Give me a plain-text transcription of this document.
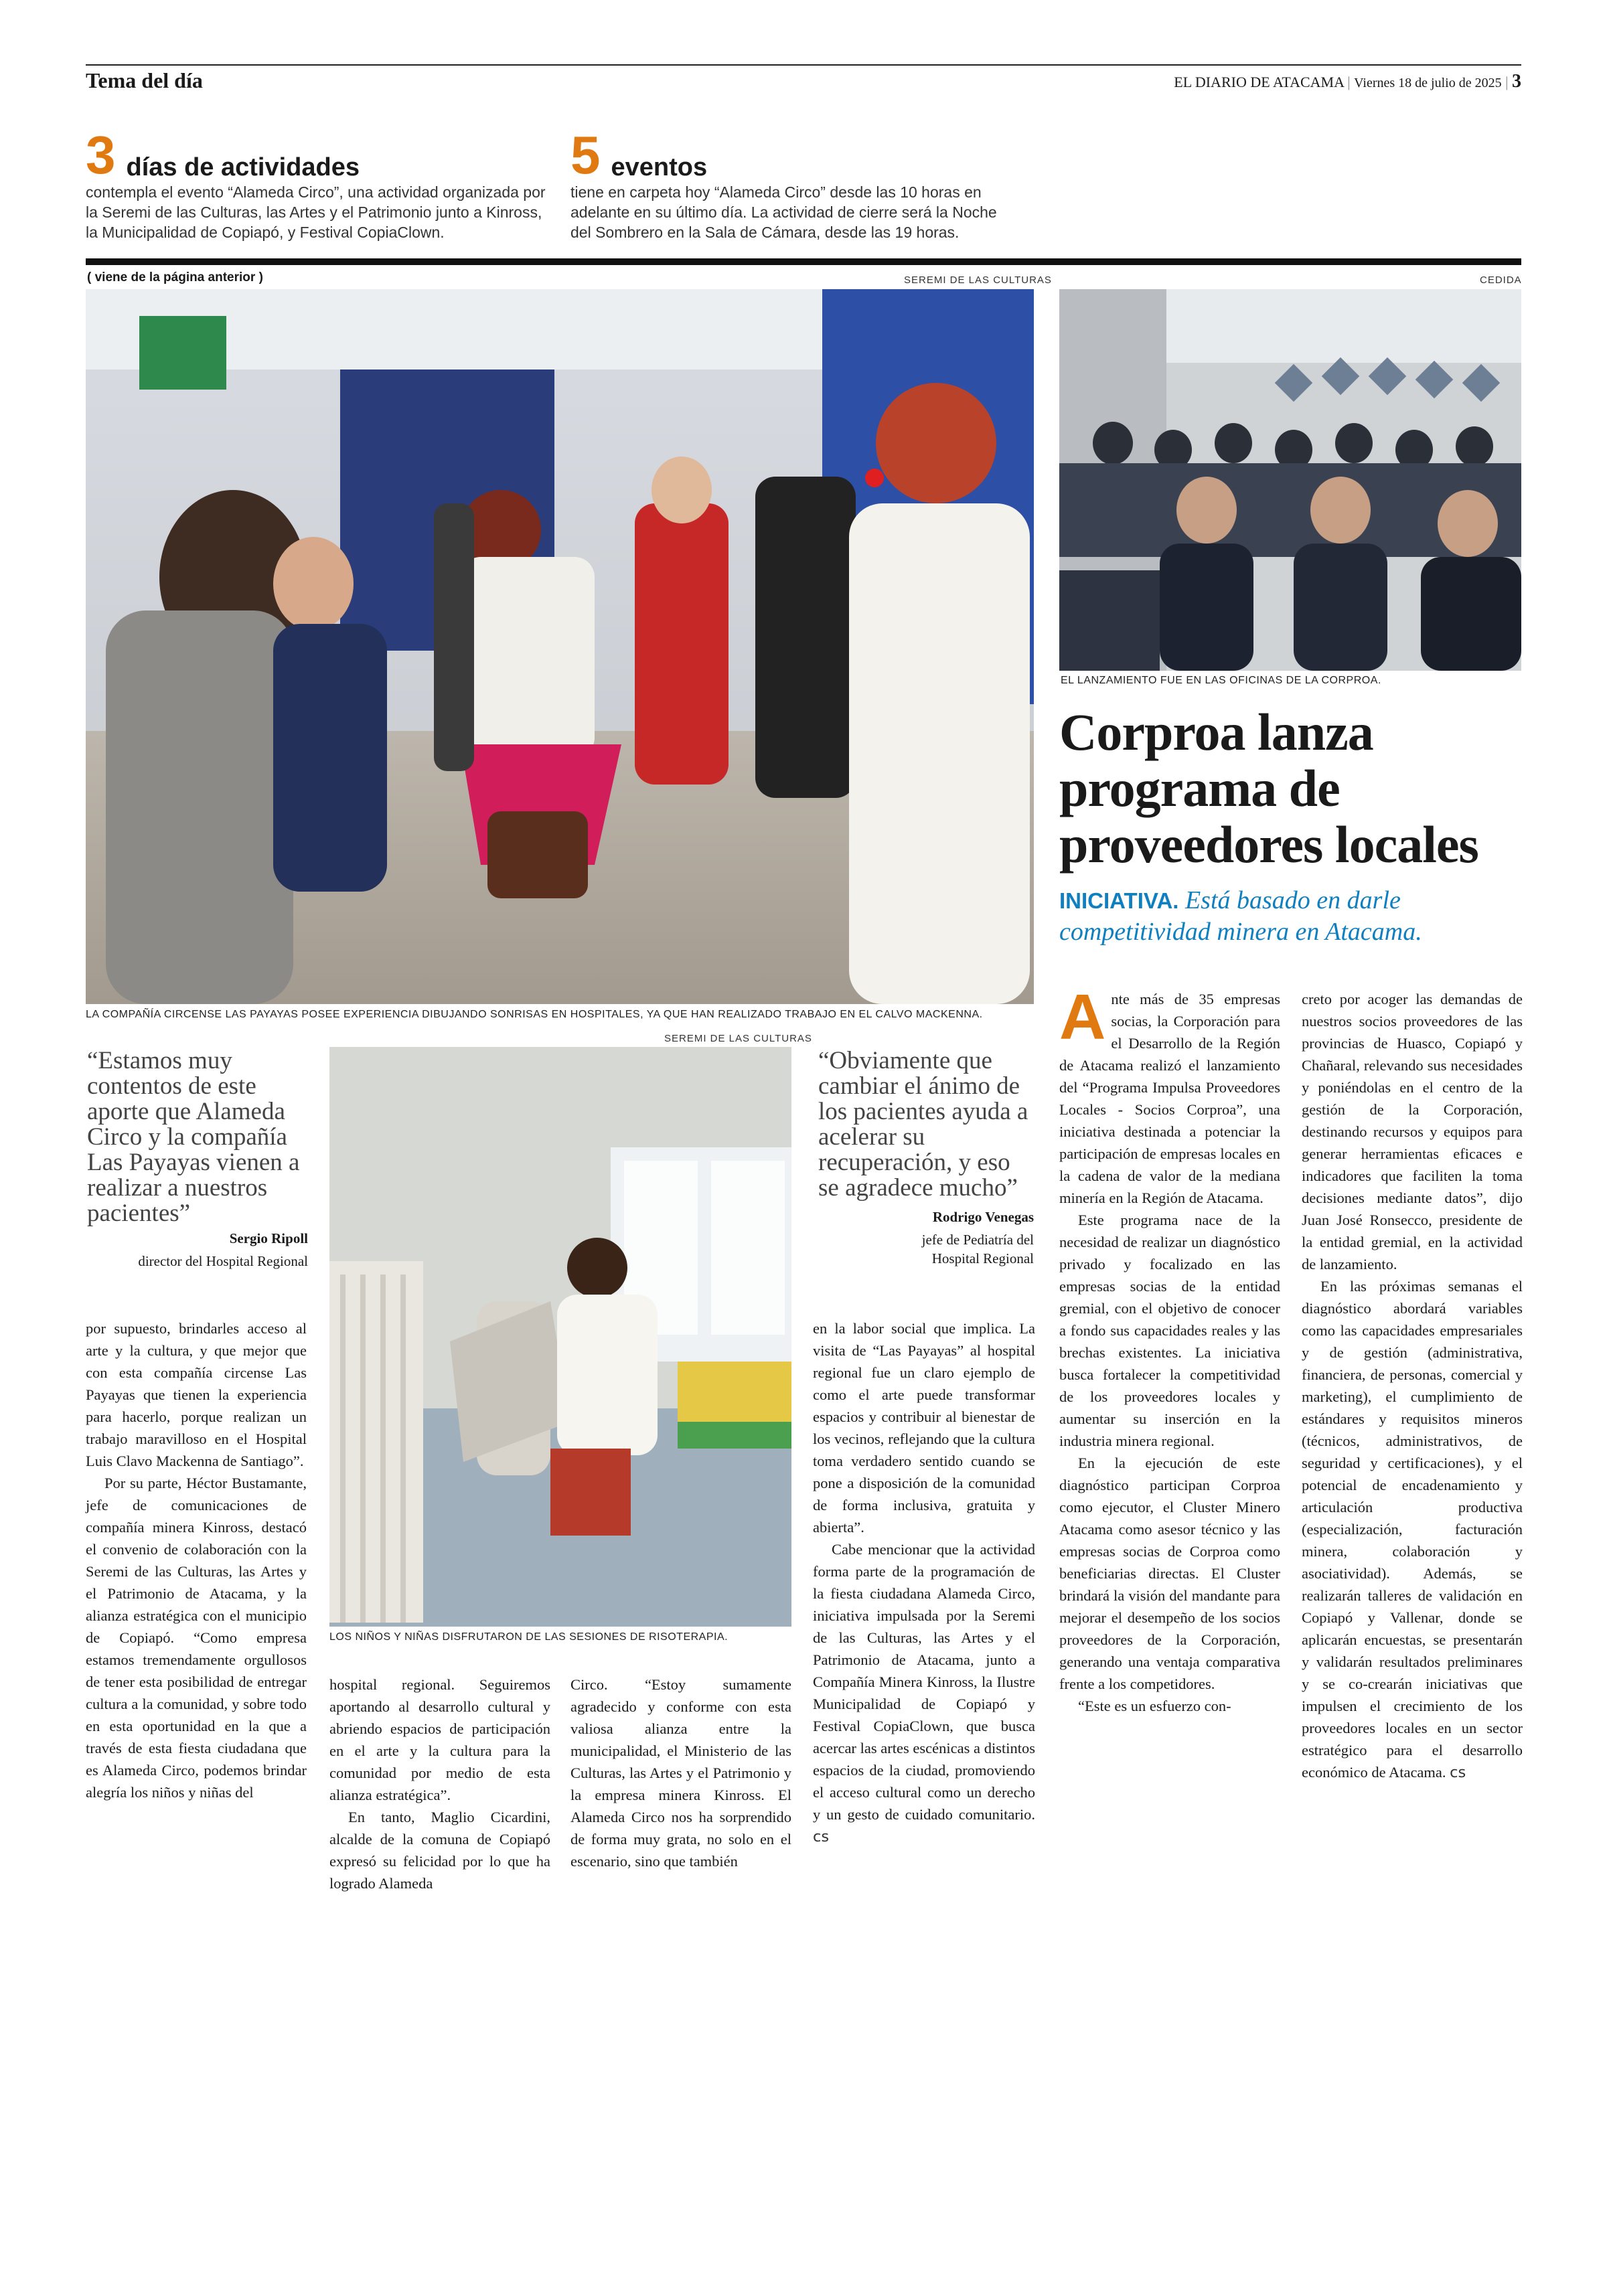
Tema del día	EL DIARIO DE ATACAMA | Viernes 18 de julio de 2025 | 3
3 días de actividades
contempla el evento “Alameda Circo”, una actividad organizada por la Seremi de las Culturas, las Artes y el Patrimonio junto a Kinross, la Municipalidad de Copiapó, y Festival CopiaClown.
5 eventos
tiene en carpeta hoy “Alameda Circo” desde las 10 horas en adelante en su último día. La actividad de cierre será la Noche del Sombrero en la Sala de Cámara, desde las 19 horas.
( viene de la página anterior )	SEREMI DE LAS CULTURAS
LA COMPAÑÍA CIRCENSE LAS PAYAYAS POSEE EXPERIENCIA DIBUJANDO SONRISAS EN HOSPITALES, YA QUE HAN REALIZADO TRABAJO EN EL CALVO MACKENNA.
“Estamos muy contentos de este aporte que Alameda Circo y la compañía Las Payayas vienen a realizar a nuestros pacientes”
Sergio Ripoll
director del Hospital Regional
SEREMI DE LAS CULTURAS
LOS NIÑOS Y NIÑAS DISFRUTARON DE LAS SESIONES DE RISOTERAPIA.
“Obviamente que cambiar el ánimo de los pacientes ayuda a acelerar su recuperación, y eso se agradece mucho”
Rodrigo Venegas
jefe de Pediatría del
Hospital Regional

por supuesto, brindarles acceso al arte y la cultura, y que mejor que con esta compañía circense Las Payayas que tienen la experiencia para hacerlo, porque realizan un trabajo maravilloso en el Hospital Luis Clavo Mackenna de Santiago”.

Por su parte, Héctor Bustamante, jefe de comunicaciones de compañía minera Kinross, destacó el convenio de colaboración con la Seremi de las Culturas, las Artes y el Patrimonio de Atacama, y la alianza estratégica con el municipio de Copiapó. “Como empresa estamos tremendamente orgullosos de tener esta posibilidad de entregar cultura a la comunidad, y sobre todo en esta oportunidad en la que a través de esta fiesta ciudadana que es Alameda Circo, podemos brindar alegría los niños y niñas del

hospital regional. Seguiremos aportando al desarrollo cultural y abriendo espacios de participación en el arte y la cultura para la comunidad por medio de esta alianza estratégica”.

En tanto, Maglio Cicardini, alcalde de la comuna de Copiapó expresó su felicidad por lo que ha logrado Alameda

Circo. “Estoy sumamente agradecido y conforme con esta valiosa alianza entre la municipalidad, el Ministerio de las Culturas, las Artes y el Patrimonio y la empresa minera Kinross. El Alameda Circo nos ha sorprendido de forma muy grata, no solo en el escenario, sino que también

en la labor social que implica. La visita de “Las Payayas” al hospital regional fue un claro ejemplo de como el arte puede transformar espacios y contribuir al bienestar de los vecinos, reflejando que la cultura toma verdadero sentido cuando se pone a disposición de la comunidad de forma inclusiva, gratuita y abierta”.

Cabe mencionar que la actividad forma parte de la programación de la fiesta ciudadana Alameda Circo, iniciativa impulsada por la Seremi de las Culturas, las Artes y el Patrimonio de Atacama, junto a Compañía Minera Kinross, la Ilustre Municipalidad de Copiapó y Festival CopiaClown, que busca acercar las artes escénicas a distintos espacios de la ciudad, promoviendo el acceso cultural como un derecho y un gesto de cuidado comunitario. cs

CEDIDA
EL LANZAMIENTO FUE EN LAS OFICINAS DE LA CORPROA.
Corproa lanza programa de proveedores locales
INICIATIVA. Está basado en darle competitividad minera en Atacama.

Ante más de 35 empresas socias, la Corporación para el Desarrollo de la Región de Atacama realizó el lanzamiento del “Programa Impulsa Proveedores Locales - Socios Corproa”, una iniciativa destinada a potenciar la participación de empresas locales en la cadena de valor de la mediana minería en la Región de Atacama.

Este programa nace de la necesidad de realizar un diagnóstico privado y focalizado en las empresas socias de la entidad gremial, con el objetivo de conocer a fondo sus capacidades reales y las brechas existentes. La iniciativa busca fortalecer la competitividad de los proveedores locales y aumentar su inserción en la industria minera regional.

En la ejecución de este diagnóstico participan Corproa como ejecutor, el Cluster Minero Atacama como asesor técnico y las empresas socias de Corproa como beneficiarias directas. El Cluster brindará la visión del mandante para mejorar el desempeño de los socios proveedores de la Corporación, generando una ventaja comparativa frente a los competidores.

“Este es un esfuerzo con-

creto por acoger las demandas de nuestros socios proveedores de las provincias de Huasco, Copiapó y Chañaral, relevando sus necesidades y poniéndolas en el centro de la gestión de la Corporación, destinando recursos y equipos para generar herramientas eficaces e indicadores que faciliten la toma decisiones mediante datos”, dijo Juan José Ronsecco, presidente de la entidad gremial, en la actividad de lanzamiento.

En las próximas semanas el diagnóstico abordará variables como las capacidades empresariales y de gestión (administrativa, financiera, de personas, comercial y marketing), el cumplimiento de estándares y requisitos mineros (técnicos, administrativos, de seguridad y certificaciones), y el potencial de encadenamiento y articulación productiva (especialización, facturación minera, colaboración y asociatividad). Además, se realizarán talleres de validación en Copiapó y Vallenar, donde se aplicarán encuestas, se presentarán y validarán resultados preliminares y se co-crearán iniciativas que impulsen el crecimiento de los proveedores locales en un sector estratégico para el desarrollo económico de Atacama. cs
